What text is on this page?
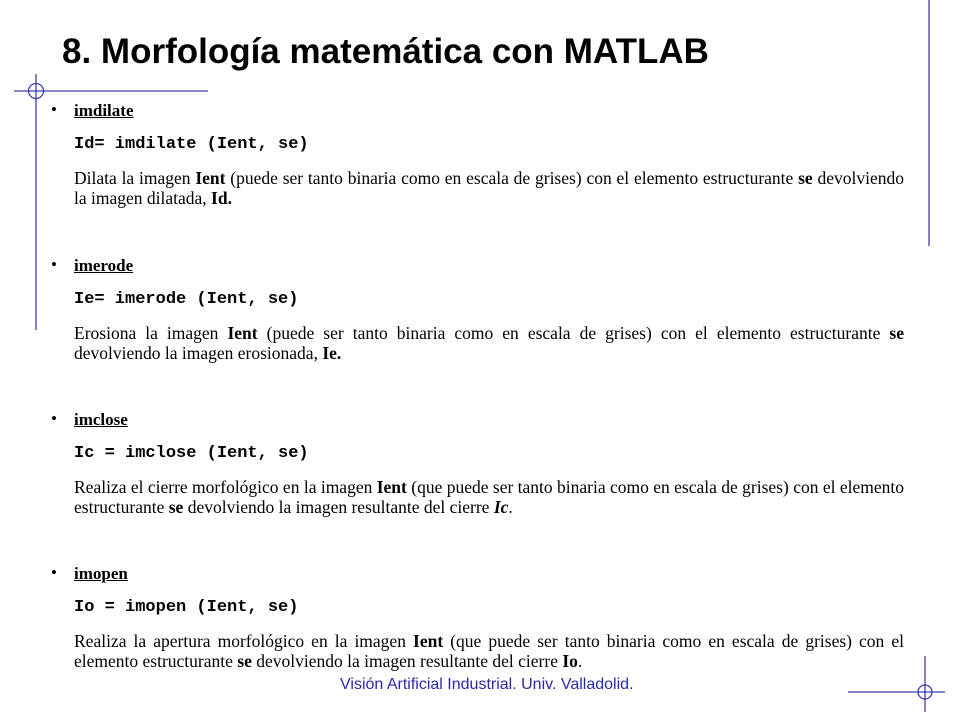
8. Morfología matemática con MATLAB
• imdilate
Id= imdilate (Ient, se)
Dilata la imagen Ient (puede ser tanto binaria como en escala de grises) con el elemento estructurante se devolviendo la imagen dilatada, Id.
• imerode
Ie= imerode (Ient, se)
Erosiona la imagen Ient (puede ser tanto binaria como en escala de grises) con el elemento estructurante se devolviendo la imagen erosionada, Ie.
• imclose
Ic = imclose (Ient, se)
Realiza el cierre morfológico en la imagen Ient (que puede ser tanto binaria como en escala de grises) con el elemento estructurante se devolviendo la imagen resultante del cierre Ic.
• imopen
Io = imopen (Ient, se)
Realiza la apertura morfológico en la imagen Ient (que puede ser tanto binaria como en escala de grises) con el elemento estructurante se devolviendo la imagen resultante del cierre Io.
Visión Artificial Industrial. Univ. Valladolid.
